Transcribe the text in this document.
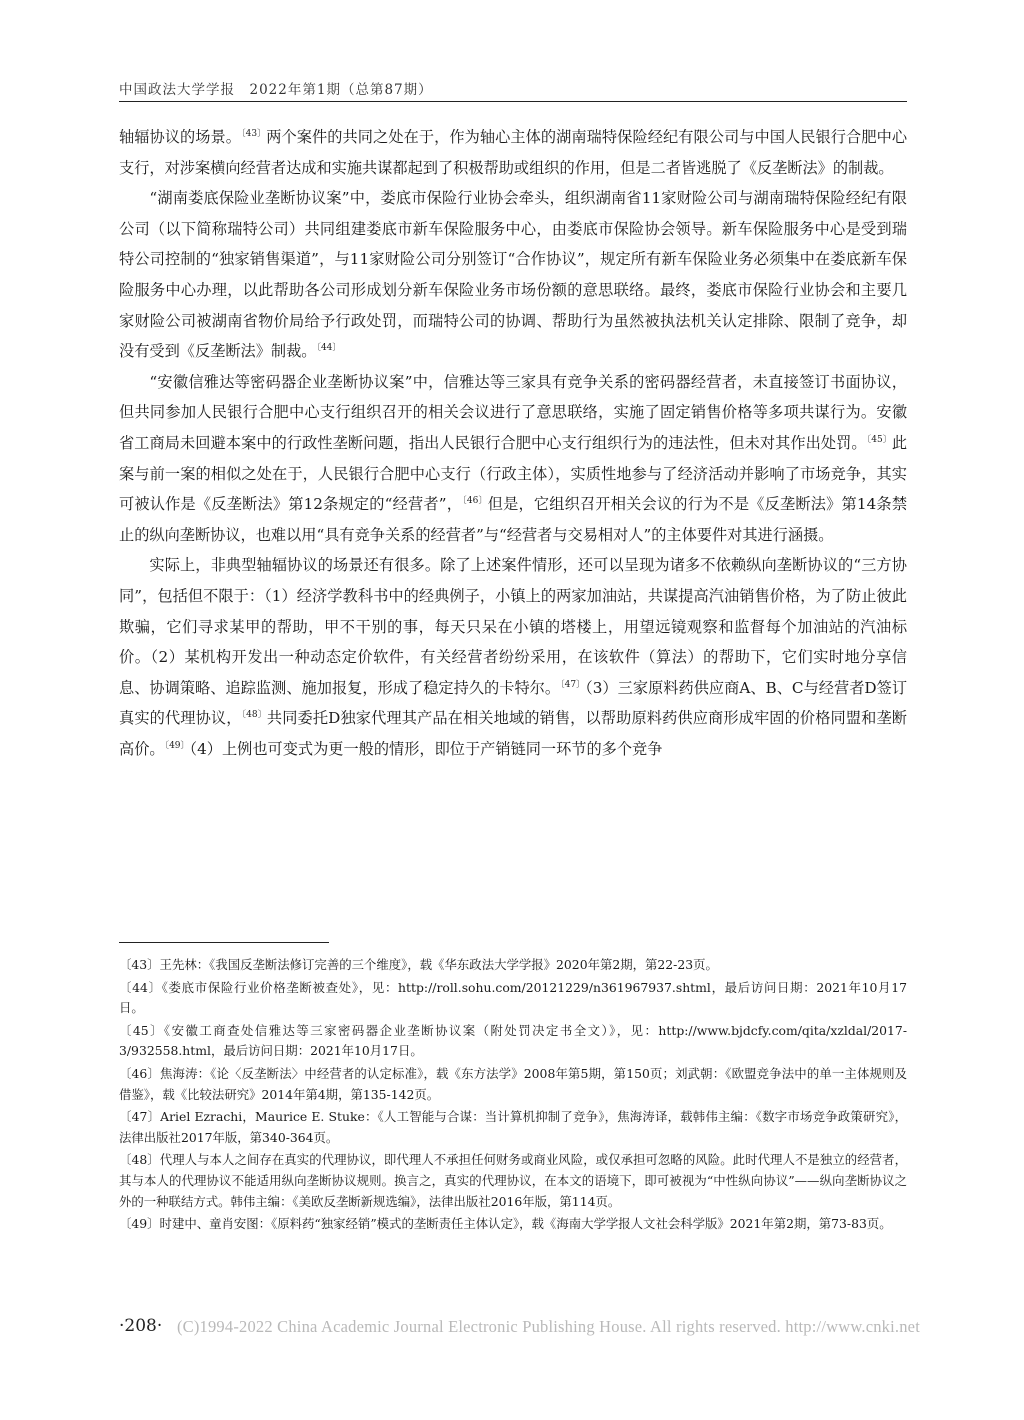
中国政法大学学报　2022年第1期（总第87期）

轴辐协议的场景。$^{〔43〕}$两个案件的共同之处在于，作为轴心主体的湖南瑞特保险经纪有限公司与中国人民银行合肥中心支行，对涉案横向经营者达成和实施共谋都起到了积极帮助或组织的作用，但是二者皆逃脱了《反垄断法》的制裁。

“湖南娄底保险业垄断协议案”中，娄底市保险行业协会牵头，组织湖南省11家财险公司与湖南瑞特保险经纪有限公司（以下简称瑞特公司）共同组建娄底市新车保险服务中心，由娄底市保险协会领导。新车保险服务中心是受到瑞特公司控制的“独家销售渠道”，与11家财险公司分别签订“合作协议”，规定所有新车保险业务必须集中在娄底新车保险服务中心办理，以此帮助各公司形成划分新车保险业务市场份额的意思联络。最终，娄底市保险行业协会和主要几家财险公司被湖南省物价局给予行政处罚，而瑞特公司的协调、帮助行为虽然被执法机关认定排除、限制了竞争，却没有受到《反垄断法》制裁。$^{〔44〕}$

“安徽信雅达等密码器企业垄断协议案”中，信雅达等三家具有竞争关系的密码器经营者，未直接签订书面协议，但共同参加人民银行合肥中心支行组织召开的相关会议进行了意思联络，实施了固定销售价格等多项共谋行为。安徽省工商局未回避本案中的行政性垄断问题，指出人民银行合肥中心支行组织行为的违法性，但未对其作出处罚。$^{〔45〕}$此案与前一案的相似之处在于，人民银行合肥中心支行（行政主体），实质性地参与了经济活动并影响了市场竞争，其实可被认作是《反垄断法》第12条规定的“经营者”，$^{〔46〕}$但是，它组织召开相关会议的行为不是《反垄断法》第14条禁止的纵向垄断协议，也难以用“具有竞争关系的经营者”与“经营者与交易相对人”的主体要件对其进行涵摄。

实际上，非典型轴辐协议的场景还有很多。除了上述案件情形，还可以呈现为诸多不依赖纵向垄断协议的“三方协同”，包括但不限于：（1）经济学教科书中的经典例子，小镇上的两家加油站，共谋提高汽油销售价格，为了防止彼此欺骗，它们寻求某甲的帮助，甲不干别的事，每天只呆在小镇的塔楼上，用望远镜观察和监督每个加油站的汽油标价。（2）某机构开发出一种动态定价软件，有关经营者纷纷采用，在该软件（算法）的帮助下，它们实时地分享信息、协调策略、追踪监测、施加报复，形成了稳定持久的卡特尔。$^{〔47〕}$（3）三家原料药供应商A、B、C与经营者D签订真实的代理协议，$^{〔48〕}$共同委托D独家代理其产品在相关地域的销售，以帮助原料药供应商形成牢固的价格同盟和垄断高价。$^{〔49〕}$（4）上例也可变式为更一般的情形，即位于产销链同一环节的多个竞争

〔43〕王先林：《我国反垄断法修订完善的三个维度》，载《华东政法大学学报》2020年第2期，第22-23页。

〔44〕《娄底市保险行业价格垄断被查处》，见：http://roll.sohu.com/20121229/n361967937.shtml，最后访问日期：2021年10月17日。

〔45〕《安徽工商查处信雅达等三家密码器企业垄断协议案（附处罚决定书全文）》，见：http://www.bjdcfy.com/qita/xzldal/2017-3/932558.html，最后访问日期：2021年10月17日。

〔46〕焦海涛：《论〈反垄断法〉中经营者的认定标准》，载《东方法学》2008年第5期，第150页；刘武朝：《欧盟竞争法中的单一主体规则及借鉴》，载《比较法研究》2014年第4期，第135-142页。

〔47〕Ariel Ezrachi，Maurice E. Stuke：《人工智能与合谋：当计算机抑制了竞争》，焦海涛译，载韩伟主编：《数字市场竞争政策研究》，法律出版社2017年版，第340-364页。

〔48〕代理人与本人之间存在真实的代理协议，即代理人不承担任何财务或商业风险，或仅承担可忽略的风险。此时代理人不是独立的经营者，其与本人的代理协议不能适用纵向垄断协议规则。换言之，真实的代理协议，在本文的语境下，即可被视为“中性纵向协议”——纵向垄断协议之外的一种联结方式。韩伟主编：《美欧反垄断新规选编》，法律出版社2016年版，第114页。

〔49〕时建中、童肖安图：《原料药“独家经销”模式的垄断责任主体认定》，载《海南大学学报人文社会科学版》2021年第2期，第73-83页。

(C)1994-2022 China Academic Journal Electronic Publishing House. All rights reserved. http://www.cnki.net
·208·
